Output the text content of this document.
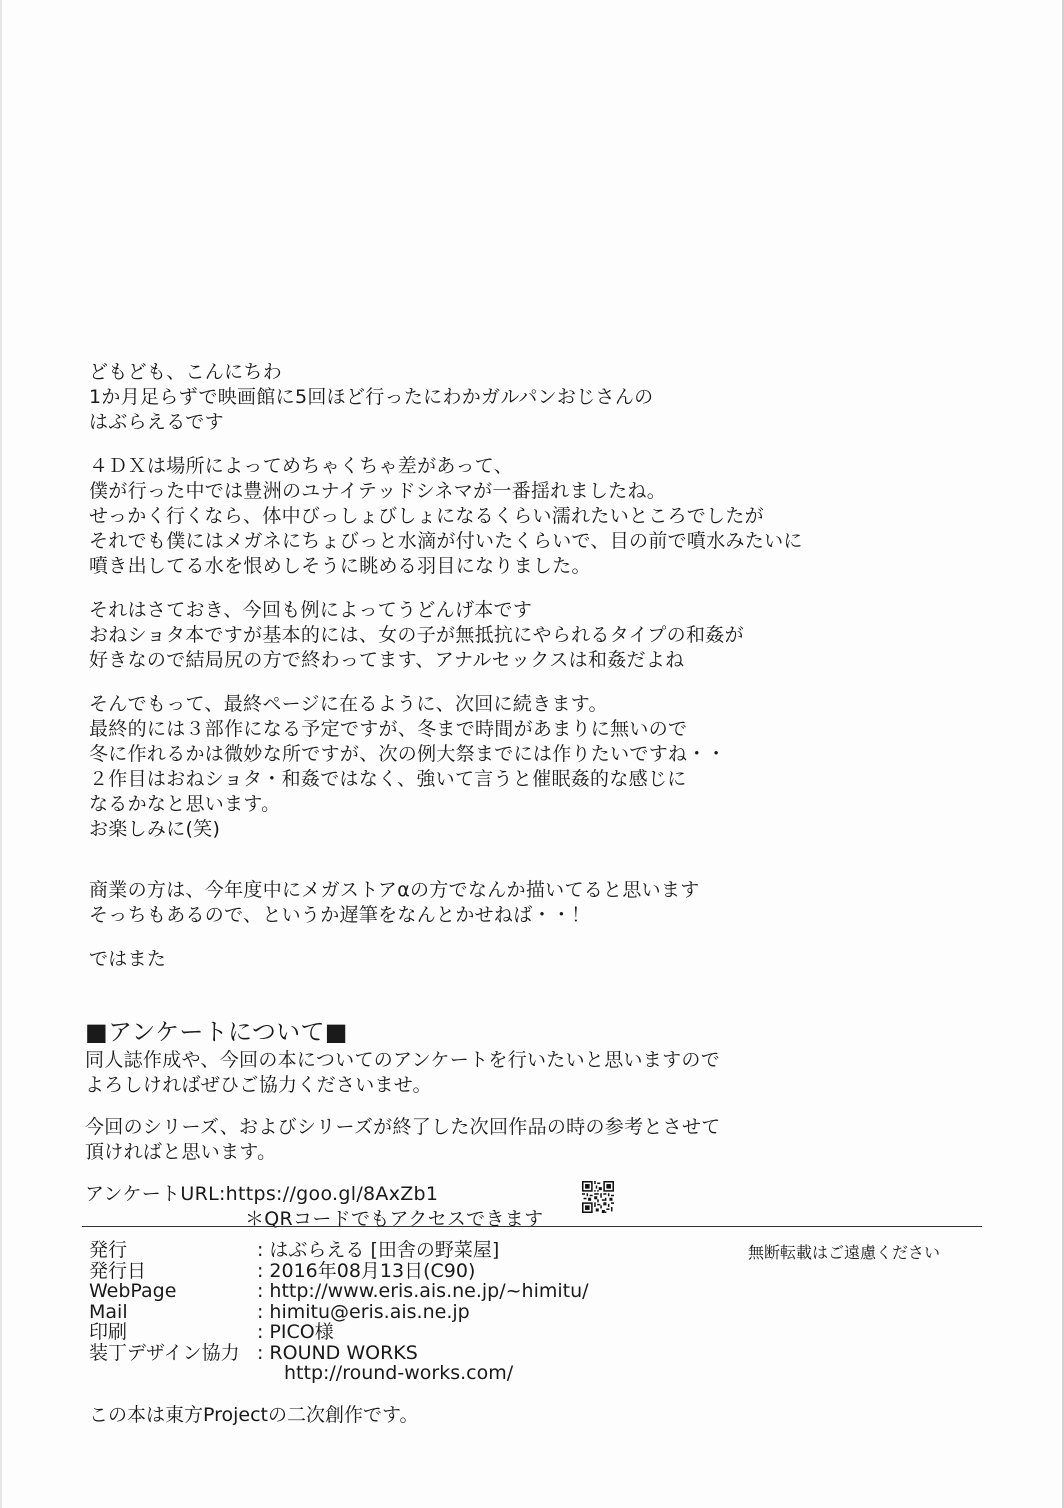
どもども、こんにちわ
1か月足らずで映画館に5回ほど行ったにわかガルパンおじさんの
はぶらえるです
４ＤＸは場所によってめちゃくちゃ差があって、
僕が行った中では豊洲のユナイテッドシネマが一番揺れましたね。
せっかく行くなら、体中びっしょびしょになるくらい濡れたいところでしたが
それでも僕にはメガネにちょびっと水滴が付いたくらいで、目の前で噴水みたいに
噴き出してる水を恨めしそうに眺める羽目になりました。
それはさておき、今回も例によってうどんげ本です
おねショタ本ですが基本的には、女の子が無抵抗にやられるタイプの和姦が
好きなので結局尻の方で終わってます、アナルセックスは和姦だよね
そんでもって、最終ページに在るように、次回に続きます。
最終的には３部作になる予定ですが、冬まで時間があまりに無いので
冬に作れるかは微妙な所ですが、次の例大祭までには作りたいですね・・
２作目はおねショタ・和姦ではなく、強いて言うと催眠姦的な感じに
なるかなと思います。
お楽しみに(笑)
商業の方は、今年度中にメガストアαの方でなんか描いてると思います
そっちもあるので、というか遅筆をなんとかせねば・・！
ではまた
■アンケートについて■
同人誌作成や、今回の本についてのアンケートを行いたいと思いますので
よろしければぜひご協力くださいませ。
今回のシリーズ、およびシリーズが終了した次回作品の時の参考とさせて
頂ければと思います。
アンケートURL:https://goo.gl/8AxZb1
＊QRコードでもアクセスできます
発行	: はぶらえる [田舎の野菜屋]
発行日	: 2016年08月13日(C90)
WebPage	: http://www.eris.ais.ne.jp/~himitu/
Mail	: himitu@eris.ais.ne.jp
印刷	: PICO様
装丁デザイン協力	: ROUND WORKS
http://round-works.com/
無断転載はご遠慮ください
この本は東方Projectの二次創作です。
